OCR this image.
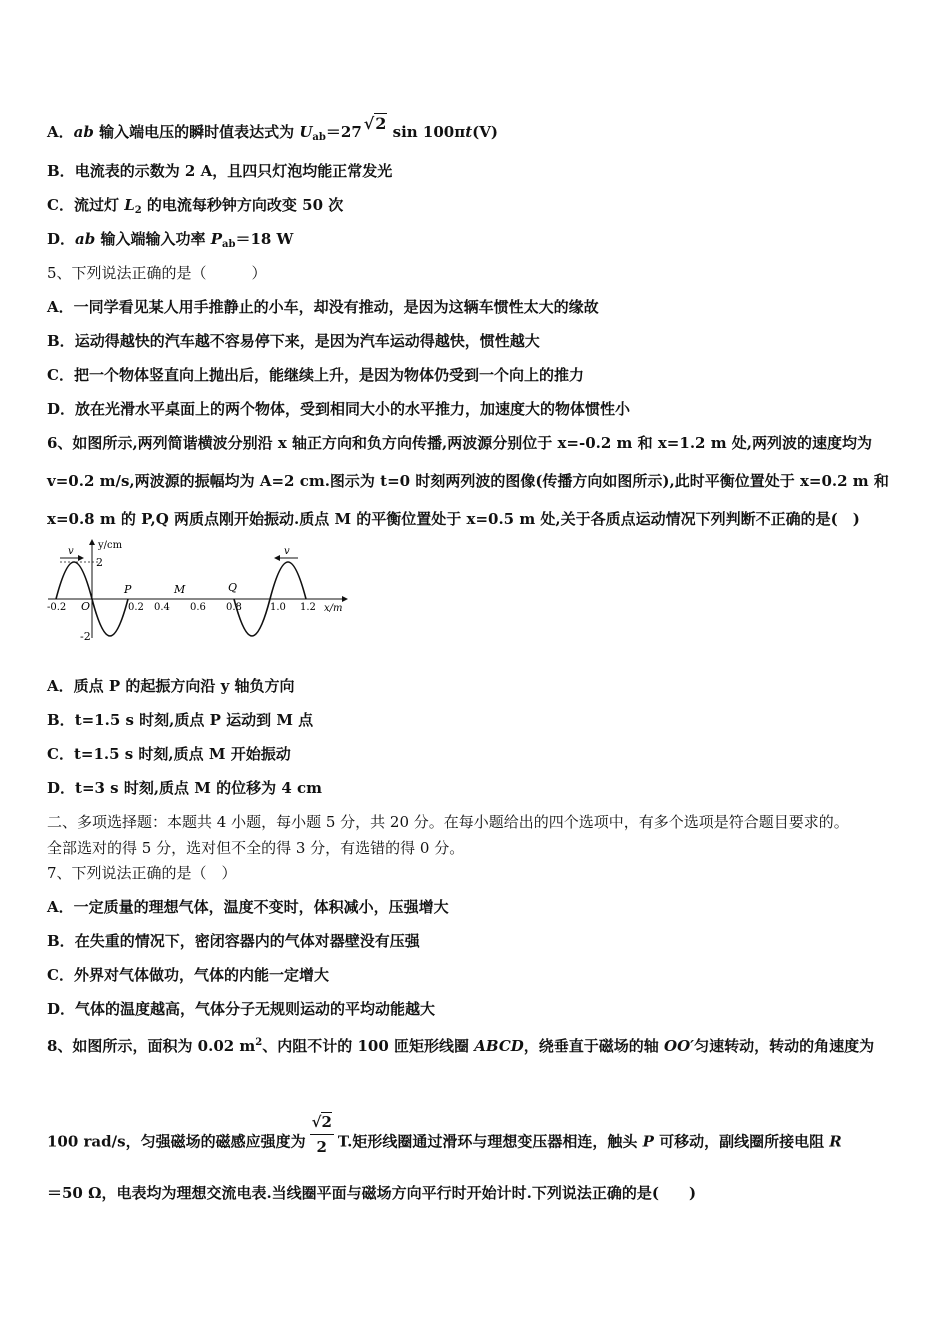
A．ab 输入端电压的瞬时值表达式为 $U_{ab}=27$ √2 sin 100πt(V)
B．电流表的示数为 2 A，且四只灯泡均能正常发光
C．流过灯 $L_2$ 的电流每秒钟方向改变 50 次
D．ab 输入端输入功率 $P_{ab}=18$ W
5、下列说法正确的是（　　　）
A．一同学看见某人用手推静止的小车，却没有推动，是因为这辆车惯性太大的缘故
B．运动得越快的汽车越不容易停下来，是因为汽车运动得越快，惯性越大
C．把一个物体竖直向上抛出后，能继续上升，是因为物体仍受到一个向上的推力
D．放在光滑水平桌面上的两个物体，受到相同大小的水平推力，加速度大的物体惯性小
6、如图所示,两列简谐横波分别沿 x 轴正方向和负方向传播,两波源分别位于 x=-0.2 m 和 x=1.2 m 处,两列波的速度均为
v=0.2 m/s,两波源的振幅均为 A=2 cm.图示为 t=0 时刻两列波的图像(传播方向如图所示),此时平衡位置处于 x=0.2 m 和
x=0.8 m 的 P,Q 两质点刚开始振动.质点 M 的平衡位置处于 x=0.5 m 处,关于各质点运动情况下列判断不正确的是(　)
v	v
y/cm
x/m
2
-2
O
-0.2	0.2 0.4 0.6 0.8	1.0 1.2
P	M	Q
A．质点 P 的起振方向沿 y 轴负方向
B．t=1.5 s 时刻,质点 P 运动到 M 点
C．t=1.5 s 时刻,质点 M 开始振动
D．t=3 s 时刻,质点 M 的位移为 4 cm
二、多项选择题：本题共 4 小题，每小题 5 分，共 20 分。在每小题给出的四个选项中，有多个选项是符合题目要求的。
全部选对的得 5 分，选对但不全的得 3 分，有选错的得 0 分。
7、下列说法正确的是（　）
A．一定质量的理想气体，温度不变时，体积减小，压强增大
B．在失重的情况下，密闭容器内的气体对器壁没有压强
C．外界对气体做功，气体的内能一定增大
D．气体的温度越高，气体分子无规则运动的平均动能越大
8、如图所示，面积为 0.02 $m^2$、内阻不计的 100 匝矩形线圈 ABCD，绕垂直于磁场的轴 OO′匀速转动，转动的角速度为
100 rad/s，匀强磁场的磁感应强度为 $\frac{√2}{2} T$.矩形线圈通过滑环与理想变压器相连，触头 P 可移动，副线圈所接电阻 R
＝50 Ω，电表均为理想交流电表.当线圈平面与磁场方向平行时开始计时.下列说法正确的是(　　)
